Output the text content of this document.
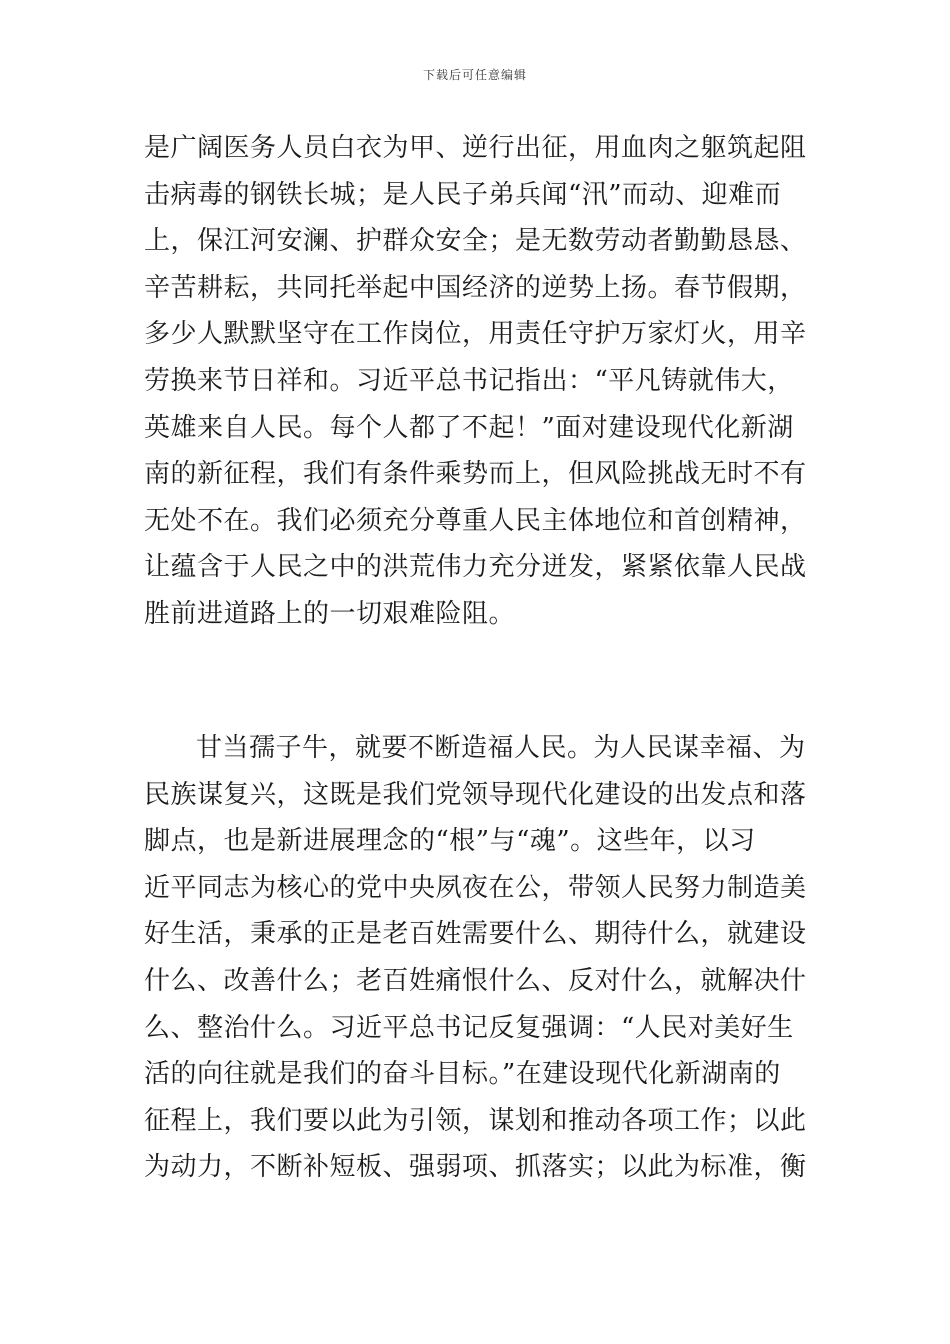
下载后可任意编辑
是广阔医务人员白衣为甲、逆行出征，用血肉之躯筑起阻
击病毒的钢铁长城；是人民子弟兵闻“汛”而动、迎难而
上，保江河安澜、护群众安全；是无数劳动者勤勤恳恳、
辛苦耕耘，共同托举起中国经济的逆势上扬。春节假期，
多少人默默坚守在工作岗位，用责任守护万家灯火，用辛
劳换来节日祥和。习近平总书记指出：“平凡铸就伟大，
英雄来自人民。每个人都了不起！”面对建设现代化新湖
南的新征程，我们有条件乘势而上，但风险挑战无时不有
无处不在。我们必须充分尊重人民主体地位和首创精神，
让蕴含于人民之中的洪荒伟力充分迸发，紧紧依靠人民战
胜前进道路上的一切艰难险阻。
甘当孺子牛，就要不断造福人民。为人民谋幸福、为
民族谋复兴，这既是我们党领导现代化建设的出发点和落
脚点，也是新进展理念的“根”与“魂”。这些年，以习
近平同志为核心的党中央夙夜在公，带领人民努力制造美
好生活，秉承的正是老百姓需要什么、期待什么，就建设
什么、改善什么；老百姓痛恨什么、反对什么，就解决什
么、整治什么。习近平总书记反复强调：“人民对美好生
活的向往就是我们的奋斗目标。”在建设现代化新湖南的
征程上，我们要以此为引领，谋划和推动各项工作；以此
为动力，不断补短板、强弱项、抓落实；以此为标准，衡
